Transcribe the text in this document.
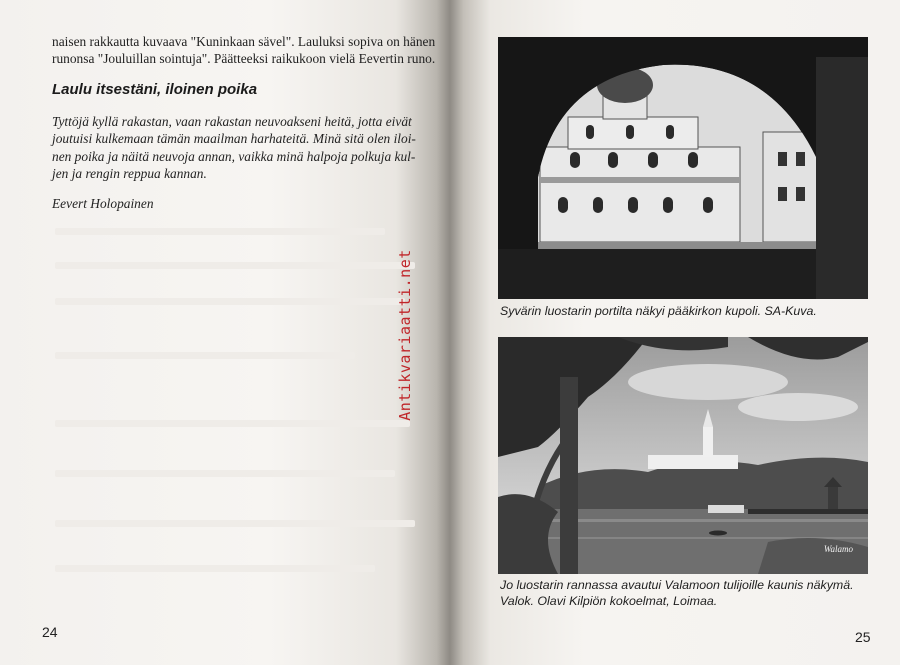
naisen rakkautta kuvaava "Kuninkaan sävel". Lauluksi sopiva on hänen
runonsa "Jouluillan sointuja". Päätteeksi raikukoon vielä Eevertin runo.
Laulu itsestäni, iloinen poika
Tyttöjä kyllä rakastan, vaan rakastan neuvoakseni heitä, jotta eivät
joutuisi kulkemaan tämän maailman harhateitä. Minä sitä olen iloi-
nen poika ja näitä neuvoja annan, vaikka minä halpoja polkuja kul-
jen ja rengin reppua kannan.
Eevert Holopainen
Antikvariaatti.net
24
Syvärin luostarin portilta näkyi pääkirkon kupoli. SA-Kuva.
Walamo
Jo luostarin rannassa avautui Valamoon tulijoille kaunis näkymä.
Valok. Olavi Kilpiön kokoelmat, Loimaa.
25
